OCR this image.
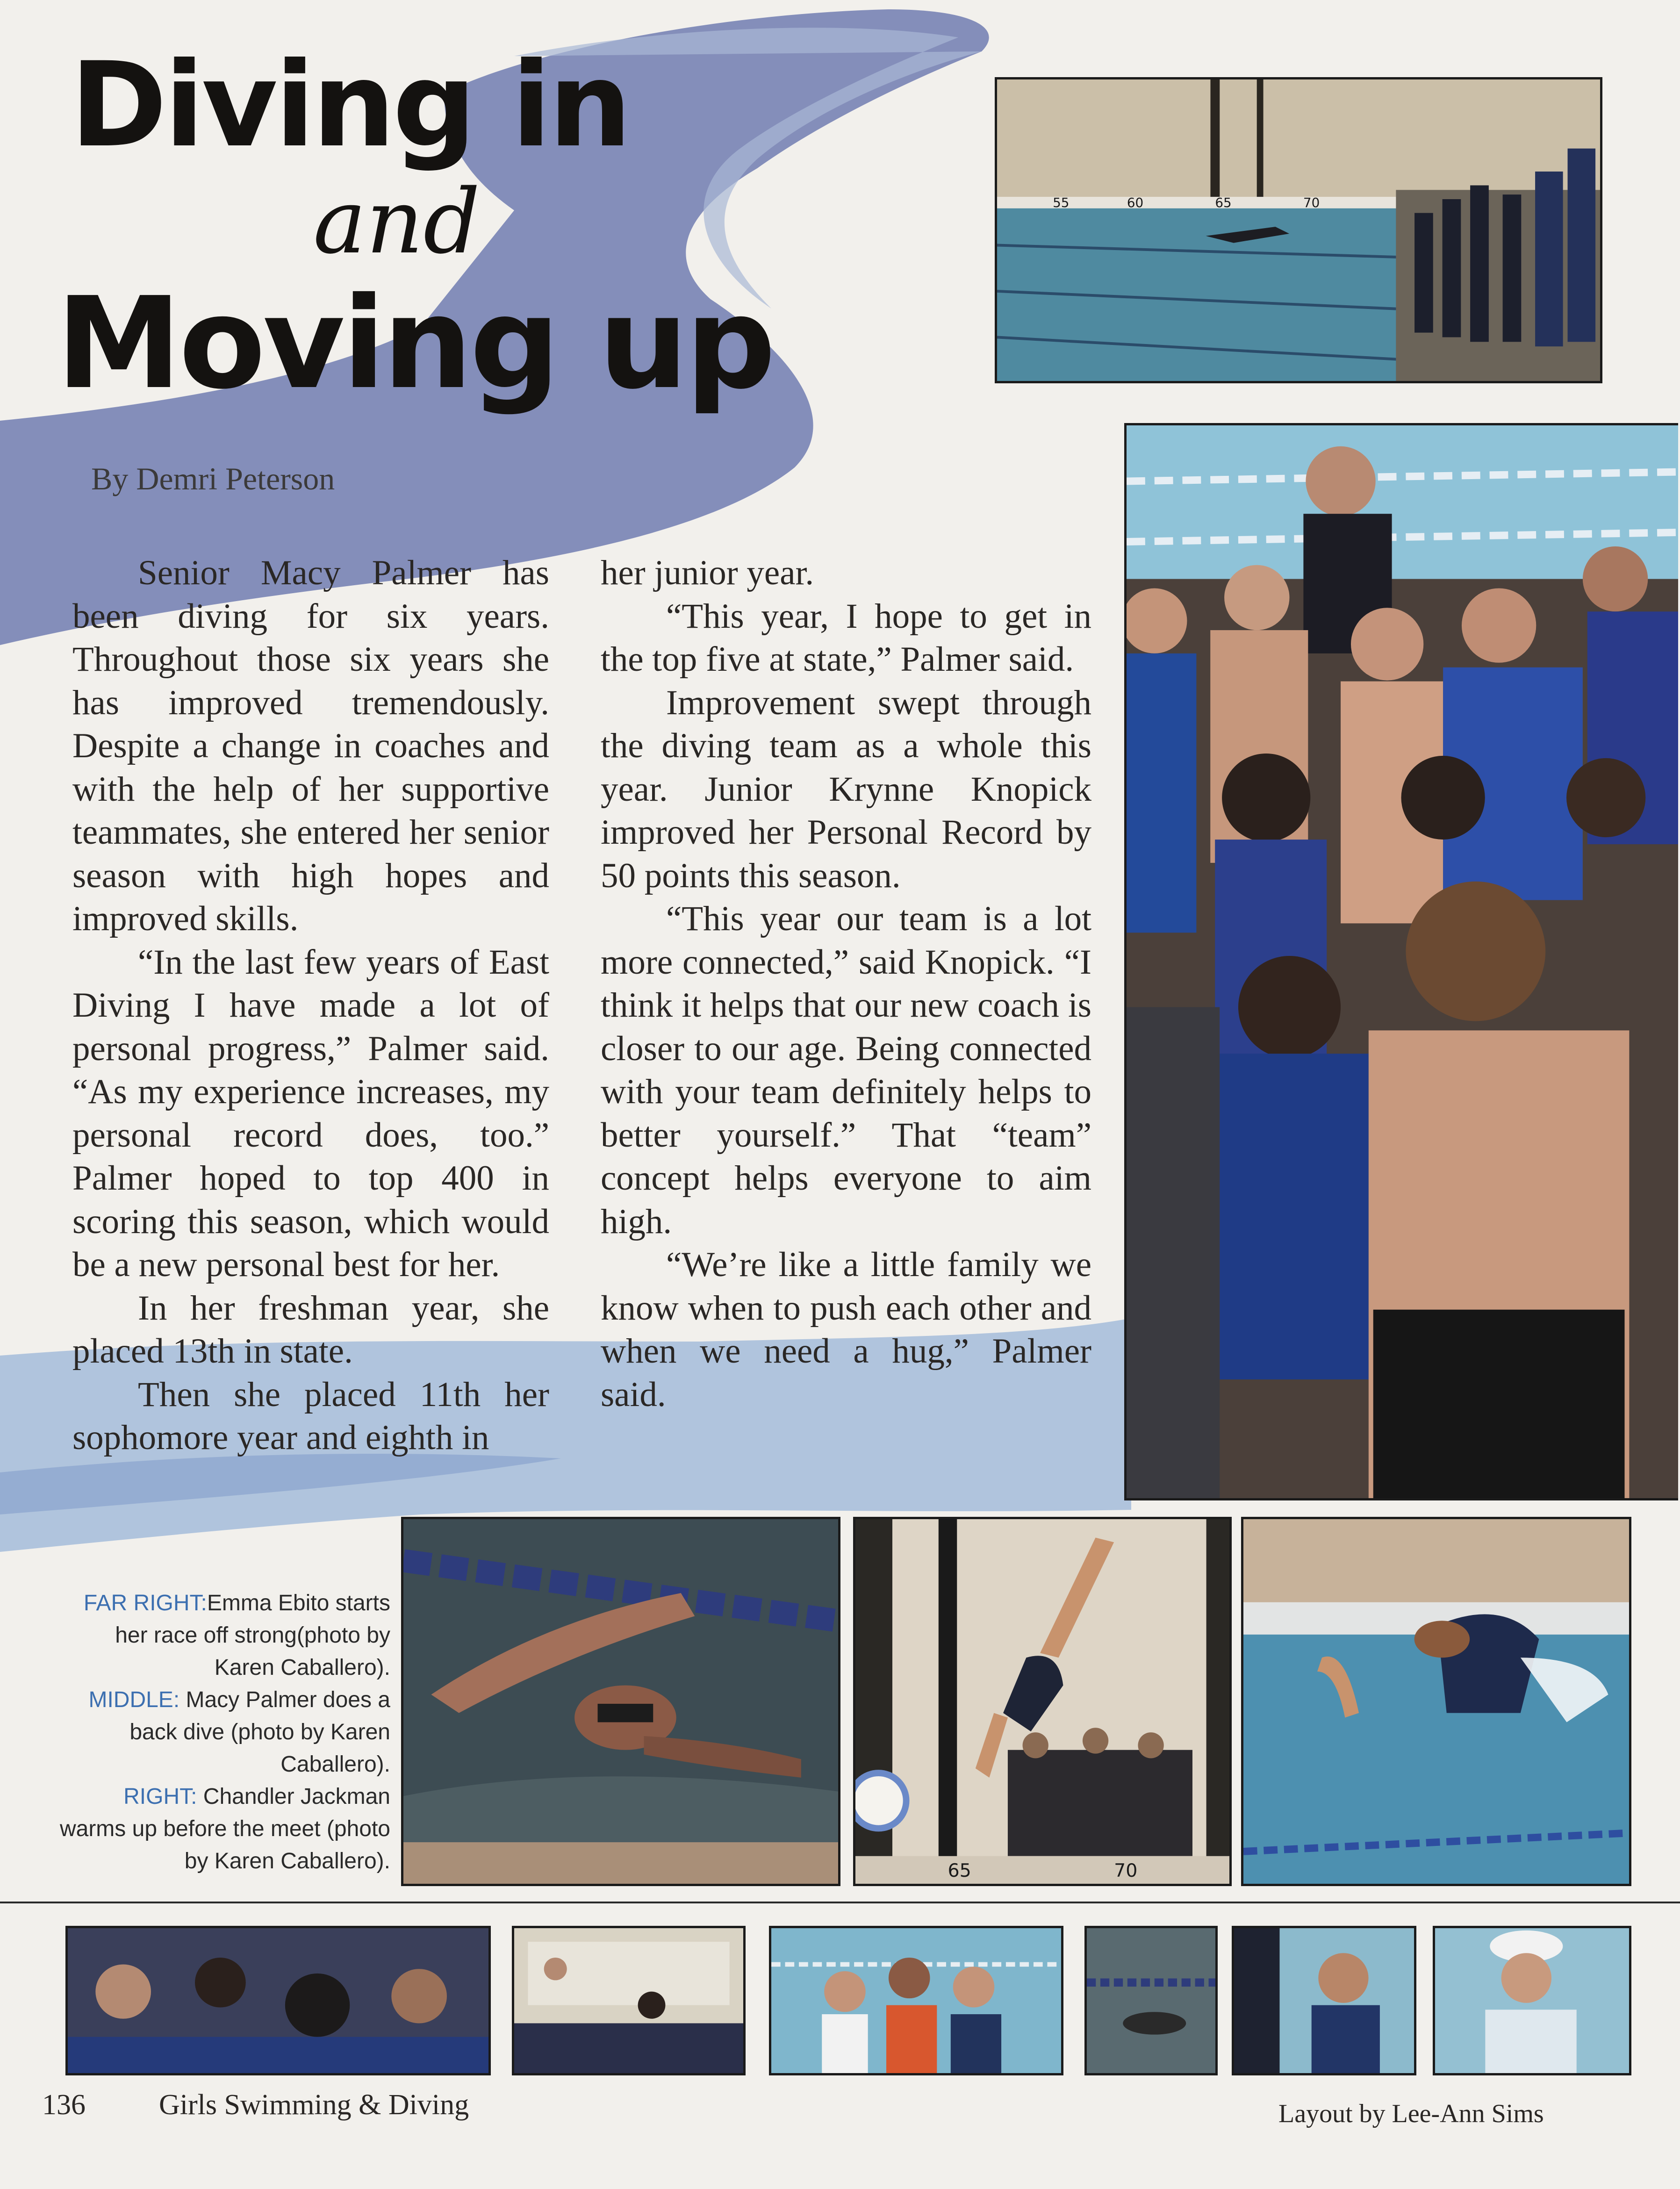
Diving in
and
Moving up
By Demri Peterson

Senior Macy Palmer has been diving for six years. Throughout those six years she has improved tremendously. Despite a change in coaches and with the help of her supportive teammates, she entered her senior season with high hopes and improved skills.

“In the last few years of East Diving I have made a lot of personal progress,” Palmer said. “As my experience increases, my personal record does, too.” Palmer hoped to top 400 in scoring this season, which would be a new personal best for her.

In her freshman year, she placed 13th in state.

Then she placed 11th her sophomore year and eighth in

her junior year.

“This year, I hope to get in the top five at state,” Palmer said.

Improvement swept through the diving team as a whole this year. Junior Krynne Knopick improved her Personal Record by 50 points this season.

“This year our team is a lot more connected,” said Knopick. “I think it helps that our new coach is closer to our age. Being connected with your team definitely helps to better yourself.” That “team” concept helps everyone to aim high.

“We’re like a little family we know when to push each other and when we need a hug,” Palmer said.

55	60	65	70
65	70
FAR RIGHT:Emma Ebito starts her race off strong(photo by Karen Caballero).
MIDDLE: Macy Palmer does a back dive (photo by Karen Caballero).
RIGHT: Chandler Jackman warms up before the meet (photo by Karen Caballero).
136	Girls Swimming & Diving	Layout by Lee-Ann Sims
